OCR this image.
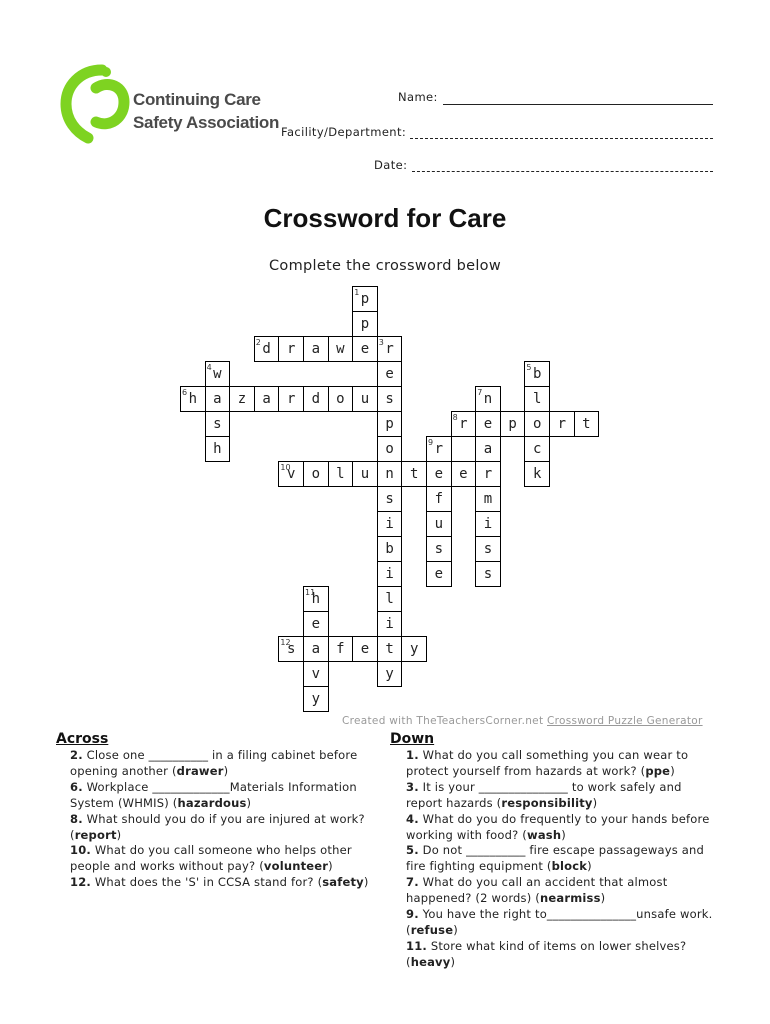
Continuing Care
Safety Association
Name:
Facility/Department:
Date:
Crossword for Care
Complete the crossword below
2 d	r	a	w	e	3 r
6 h	a	z	a	r	d	o	u	s
8 r	e	p	o	r	t
10
v	o	l	u	n	t	e	e	r
12
s	a	f	e	t	y
1 p
p
e
p
o
s
i
b
i
l
i
y
4 w
s
h
5 b
l
c
k
7 n
a
m
i
s
s
9 r
f
u
s
e
11
h
e
v
y
Created with TheTeachersCorner.net Crossword Puzzle Generator
Across

2. Close one __________ in a filing cabinet before opening another (drawer)

6. Workplace _____________Materials Information System (WHMIS) (hazardous)

8. What should you do if you are injured at work? (report)

10. What do you call someone who helps other people and works without pay? (volunteer)

12. What does the 'S' in CCSA stand for? (safety)

Down

1. What do you call something you can wear to protect yourself from hazards at work? (ppe)

3. It is your _______________ to work safely and report hazards (responsibility)

4. What do you do frequently to your hands before working with food? (wash)

5. Do not __________ fire escape passageways and fire fighting equipment (block)

7. What do you call an accident that almost happened? (2 words) (nearmiss)

9. You have the right to_______________unsafe work. (refuse)

11. Store what kind of items on lower shelves? (heavy)
